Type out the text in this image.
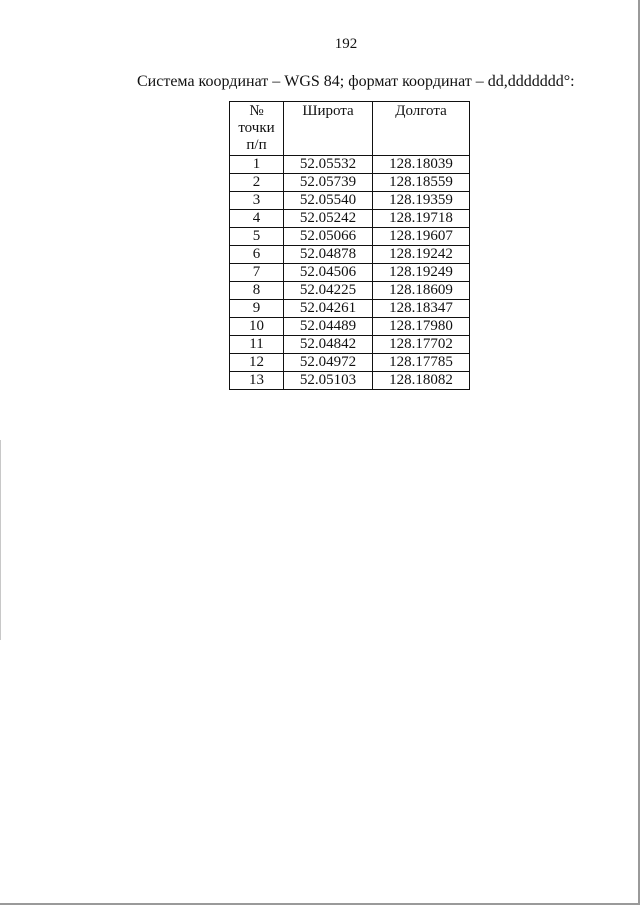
192
Система координат – WGS 84; формат координат – dd,ddddddd°:
№ точки п/п	Широта	Долгота
1	52.05532	128.18039
2	52.05739	128.18559
3	52.05540	128.19359
4	52.05242	128.19718
5	52.05066	128.19607
6	52.04878	128.19242
7	52.04506	128.19249
8	52.04225	128.18609
9	52.04261	128.18347
10	52.04489	128.17980
11	52.04842	128.17702
12	52.04972	128.17785
13	52.05103	128.18082
